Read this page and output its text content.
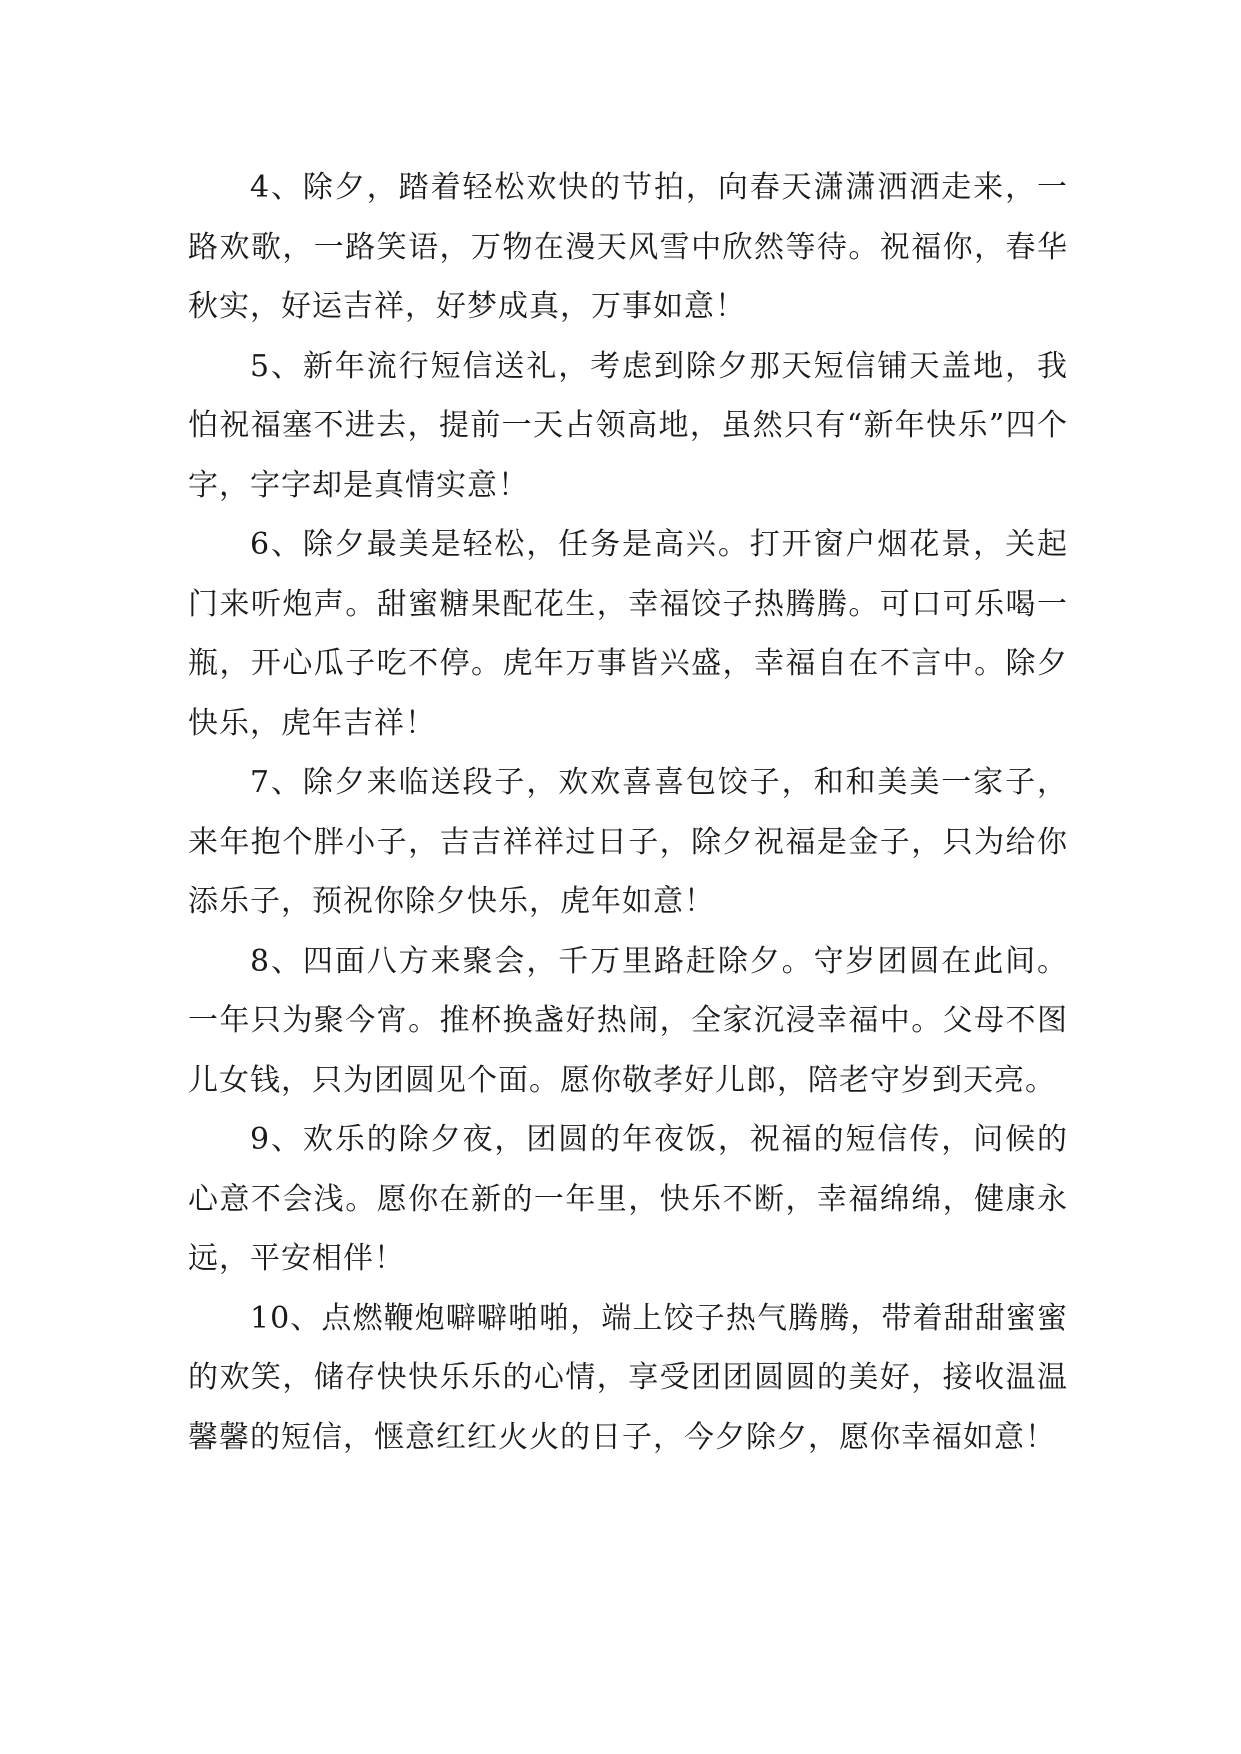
4、除夕，踏着轻松欢快的节拍，向春天潇潇洒洒走来，一路欢歌，一路笑语，万物在漫天风雪中欣然等待。祝福你，春华秋实，好运吉祥，好梦成真，万事如意！

5、新年流行短信送礼，考虑到除夕那天短信铺天盖地，我怕祝福塞不进去，提前一天占领高地，虽然只有“新年快乐”四个字，字字却是真情实意！

6、除夕最美是轻松，任务是高兴。打开窗户烟花景，关起门来听炮声。甜蜜糖果配花生，幸福饺子热腾腾。可口可乐喝一瓶，开心瓜子吃不停。虎年万事皆兴盛，幸福自在不言中。除夕快乐，虎年吉祥！

7、除夕来临送段子，欢欢喜喜包饺子，和和美美一家子，来年抱个胖小子，吉吉祥祥过日子，除夕祝福是金子，只为给你添乐子，预祝你除夕快乐，虎年如意！

8、四面八方来聚会，千万里路赶除夕。守岁团圆在此间。一年只为聚今宵。推杯换盏好热闹，全家沉浸幸福中。父母不图儿女钱，只为团圆见个面。愿你敬孝好儿郎，陪老守岁到天亮。

9、欢乐的除夕夜，团圆的年夜饭，祝福的短信传，问候的心意不会浅。愿你在新的一年里，快乐不断，幸福绵绵，健康永远，平安相伴！

10、点燃鞭炮噼噼啪啪，端上饺子热气腾腾，带着甜甜蜜蜜的欢笑，储存快快乐乐的心情，享受团团圆圆的美好，接收温温馨馨的短信，惬意红红火火的日子，今夕除夕，愿你幸福如意！
